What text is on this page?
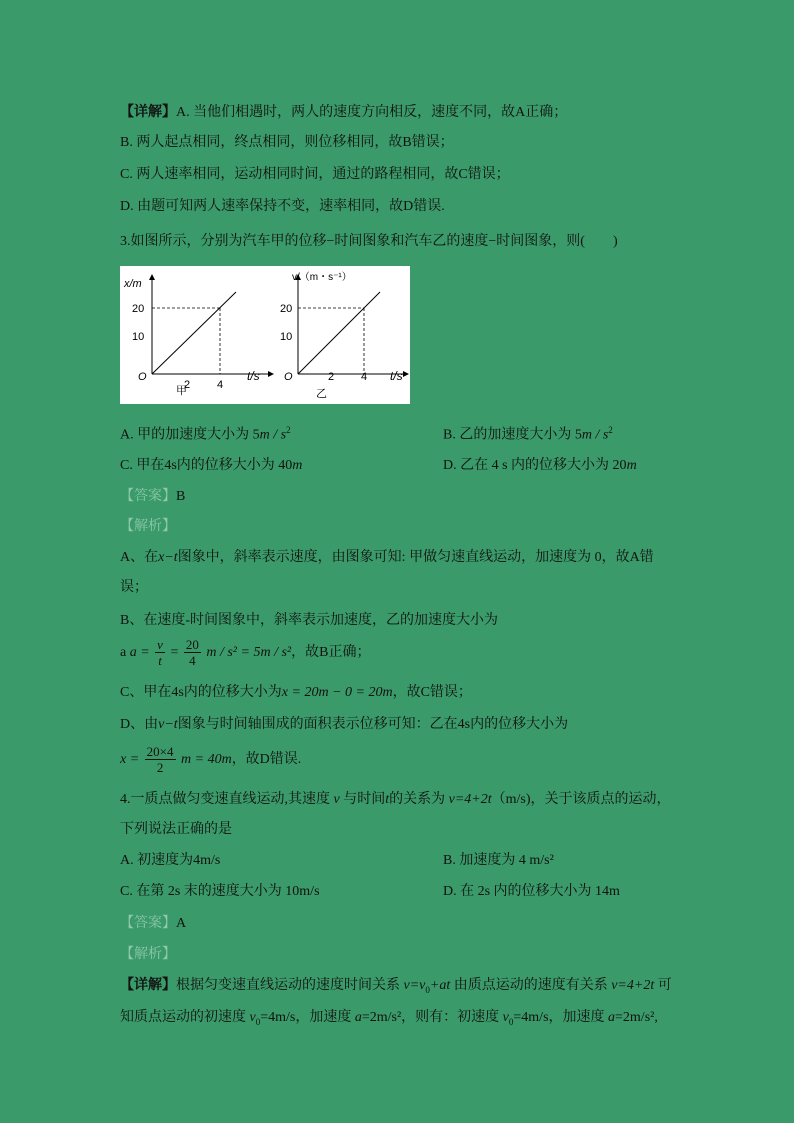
【详解】A. 当他们相遇时，两人的速度方向相反，速度不同，故A正确；
B. 两人起点相同，终点相同，则位移相同，故B错误；
C. 两人速率相同，运动相同时间，通过的路程相同，故C错误；
D. 由题可知两人速率保持不变，速率相同，故D错误.
3.如图所示，分别为汽车甲的位移−时间图象和汽车乙的速度−时间图象，则(　　)
x/m
20
10
O
2 4
t/s
甲
v/（m・s⁻¹）
20
10
O	2 4 t/s
乙
A. 甲的加速度大小为 $5m / s^2$	B. 乙的加速度大小为 $5m / s^2$
C. 甲在4s内的位移大小为 40m	D. 乙在 4 s 内的位移大小为 20m
【答案】B
【解析】
A、在x−t图象中，斜率表示速度，由图象可知: 甲做匀速直线运动，加速度为 0，故A错
误；
B、在速度-时间图象中，斜率表示加速度，乙的加速度大小为
a $a = \frac{v}{t} = \frac{20}{4}$ m / s² = 5m / s²，故B正确；
C、甲在4s内的位移大小为x = 20m − 0 = 20m，故C错误；
D、由v−t图象与时间轴围成的面积表示位移可知：乙在4s内的位移大小为
$x = \frac{20\times 4}{2}$ m = 40m，故D错误.
4.一质点做匀变速直线运动,其速度 v 与时间t的关系为 v=4+2t（m/s)，关于该质点的运动，
下列说法正确的是
A. 初速度为4m/s	B. 加速度为 4 m/s²
C. 在第 2s 末的速度大小为 10m/s	D. 在 2s 内的位移大小为 14m
【答案】A
【解析】
【详解】根据匀变速直线运动的速度时间关系 $v=v_0+at$ 由质点运动的速度有关系 v=4+2t 可
知质点运动的初速度 $v_0=4m/s$，加速度 a=2m/s²，则有：初速度 $v_0=4m/s$，加速度 a=2m/s²,
